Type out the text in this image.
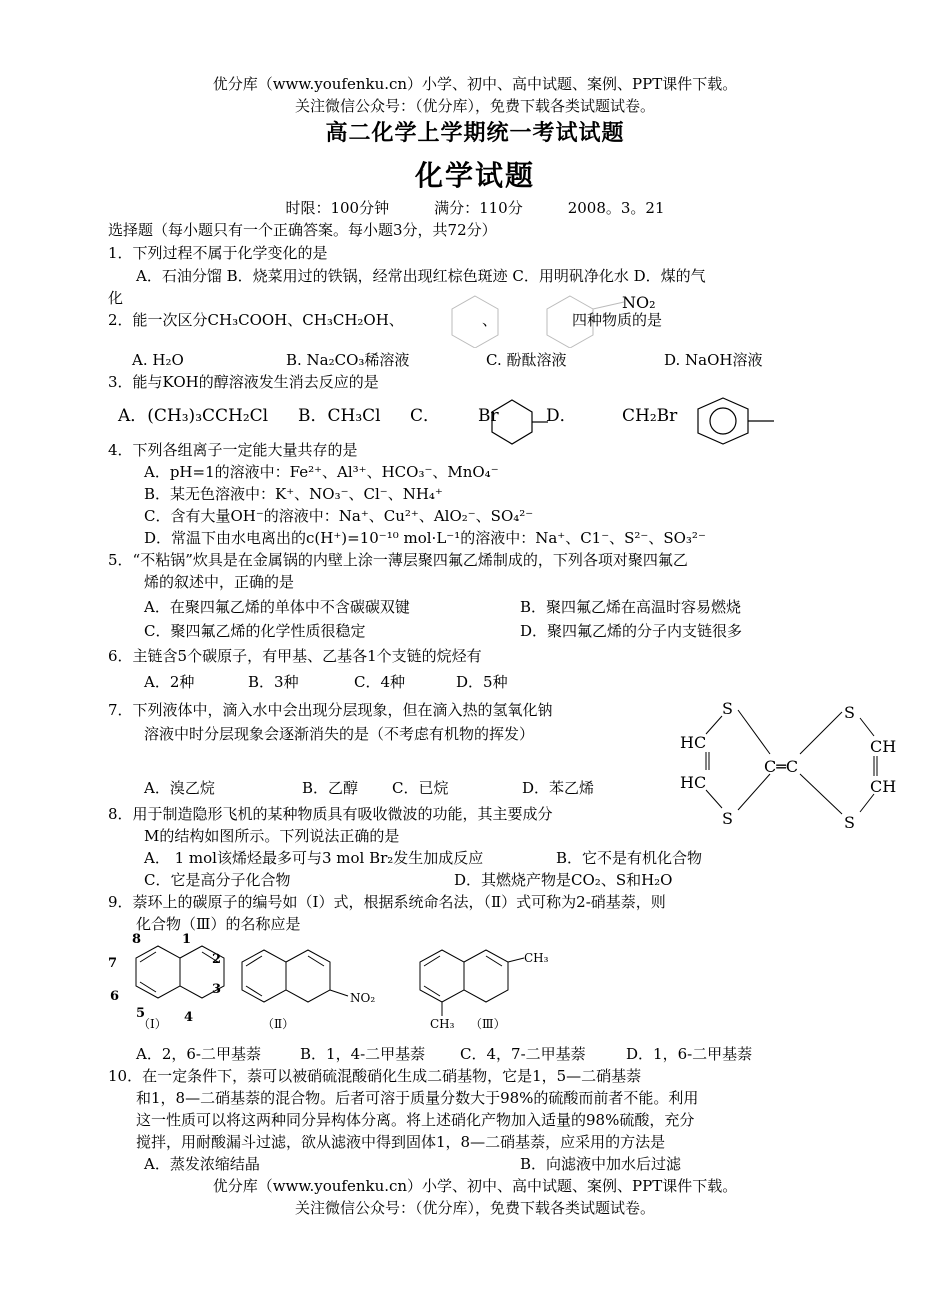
优分库（www.youfenku.cn）小学、初中、高中试题、案例、PPT课件下载。
关注微信公众号：（优分库），免费下载各类试题试卷。
高二化学上学期统一考试试题
化学试题
时限：100分钟　　　满分：110分　　　2008。3。21
选择题（每小题只有一个正确答案。每小题3分，共72分）
1．下列过程不属于化学变化的是
A．石油分馏 B．烧菜用过的铁锅，经常出现红棕色斑迹 C．用明矾净化水 D．煤的气
化
2．能一次区分CH₃COOH、CH₃CH₂OH、	、
NO₂
四种物质的是
A. H₂O	B. Na₂CO₃稀溶液	C. 酚酞溶液	D. NaOH溶液
3．能与KOH的醇溶液发生消去反应的是
A．(CH₃)₃CCH₂Cl B．CH₃Cl C． Br	D．	CH₂Br
4．下列各组离子一定能大量共存的是
A．pH=1的溶液中：Fe²⁺、Al³⁺、HCO₃⁻、MnO₄⁻
B．某无色溶液中：K⁺、NO₃⁻、Cl⁻、NH₄⁺
C．含有大量OH⁻的溶液中：Na⁺、Cu²⁺、AlO₂⁻、SO₄²⁻
D．常温下由水电离出的c(H⁺)=10⁻¹⁰ mol·L⁻¹的溶液中：Na⁺、C1⁻、S²⁻、SO₃²⁻
5．“不粘锅”炊具是在金属锅的内壁上涂一薄层聚四氟乙烯制成的，下列各项对聚四氟乙
烯的叙述中，正确的是
A．在聚四氟乙烯的单体中不含碳碳双键	B．聚四氟乙烯在高温时容易燃烧
C．聚四氟乙烯的化学性质很稳定	D．聚四氟乙烯的分子内支链很多
6．主链含5个碳原子，有甲基、乙基各1个支链的烷烃有
A．2种	B．3种	C．4种	D．5种
7．下列液体中，滴入水中会出现分层现象，但在滴入热的氢氧化钠
溶液中时分层现象会逐渐消失的是（不考虑有机物的挥发）
A．溴乙烷	B．乙醇 C．已烷	D．苯乙烯
S
HC
HC
S
C═C
S
CH
CH
S
8．用于制造隐形飞机的某种物质具有吸收微波的功能，其主要成分
M的结构如图所示。下列说法正确的是
A． 1 mol该烯烃最多可与3 mol Br₂发生加成反应	B．它不是有机化合物
C．它是高分子化合物	D．其燃烧产物是CO₂、S和H₂O
9．萘环上的碳原子的编号如（Ⅰ）式，根据系统命名法，（Ⅱ）式可称为2-硝基萘，则
化合物（Ⅲ）的名称应是
8	1
2
3
4
5
6
7
（Ⅰ）
NO₂
（Ⅱ）
CH₃
CH₃ （Ⅲ）
A．2，6-二甲基萘	B．1，4-二甲基萘 C．4，7-二甲基萘	D．1，6-二甲基萘
10．在一定条件下，萘可以被硝硫混酸硝化生成二硝基物，它是1，5—二硝基萘
和1，8—二硝基萘的混合物。后者可溶于质量分数大于98%的硫酸而前者不能。利用
这一性质可以将这两种同分异构体分离。将上述硝化产物加入适量的98%硫酸，充分
搅拌，用耐酸漏斗过滤，欲从滤液中得到固体1，8—二硝基萘，应采用的方法是
A．蒸发浓缩结晶	B．向滤液中加水后过滤
优分库（www.youfenku.cn）小学、初中、高中试题、案例、PPT课件下载。
关注微信公众号：（优分库），免费下载各类试题试卷。
